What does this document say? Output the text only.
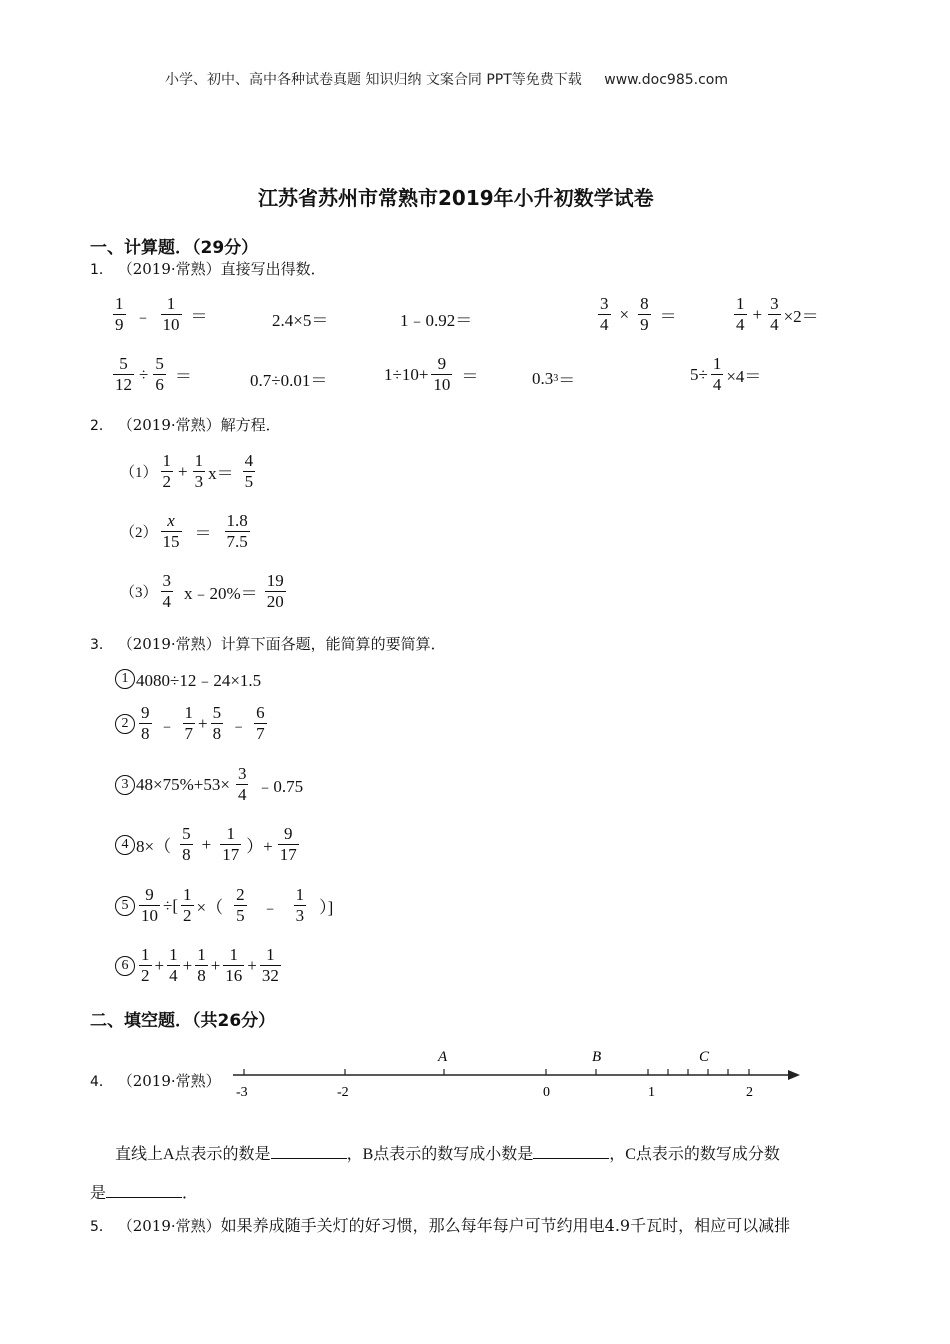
小学、初中、高中各种试卷真题 知识归纳 文案合同 PPT等免费下载 www.doc985.com
江苏省苏州市常熟市2019年小升初数学试卷
一、计算题．（29分）
1． （2019·常熟）直接写出得数．
$\frac{1}{9}$ ﹣ $\frac{1}{10}$ ＝	2.4×5＝	1﹣0.92＝	$\frac{3}{4} \times \frac{8}{9}$ ＝	$\frac{1}{4} + \frac{3}{4} \times 2=$
$\frac{5}{12} \div \frac{5}{6}$ ＝	0.7÷0.01＝	$1\div 10+ \frac{9}{10}$ ＝	0.3 3 ＝	$5\div \frac{1}{4} \times 4=$
2． （2019·常熟）解方程．
$(1) \frac{1}{2} + \frac{1}{3} x= \frac{4}{5}$
$(2) \frac{x}{15} = \frac{1.8}{7.5}$
$(3) \frac{3}{4}$ x﹣20%＝ $\frac{19}{20}$
3． （2019·常熟）计算下面各题，能简算的要简算．
1 4080÷12﹣24×1.5
$2 \frac{9}{8}$ ﹣ $\frac{1}{7} + \frac{5}{8}$ ﹣ $\frac{6}{7}$
3 $48\times 75\%+53\times \frac{3}{4}$ ﹣0.75
4 $8\times( \frac{5}{8} + \frac{1}{17}$ ）+ $\frac{9}{17}$
$5 \frac{9}{10}$ ÷[ $\frac{1}{2}$ ×（ $\frac{2}{5}$ ﹣ $\frac{1}{3}$ ）]
$6 \frac{1}{2} + \frac{1}{4} + \frac{1}{8} + \frac{1}{16} + \frac{1}{32}$
二、填空题．（共26分）
4． （2019·常熟）
-3	-2	0	1	2
A	B	C
直线上A点表示的数是	，B点表示的数写成小数是	，C点表示的数写成分数
是	．
5． （2019·常熟）如果养成随手关灯的好习惯，那么每年每户可节约用电4.9千瓦时，相应可以减排
